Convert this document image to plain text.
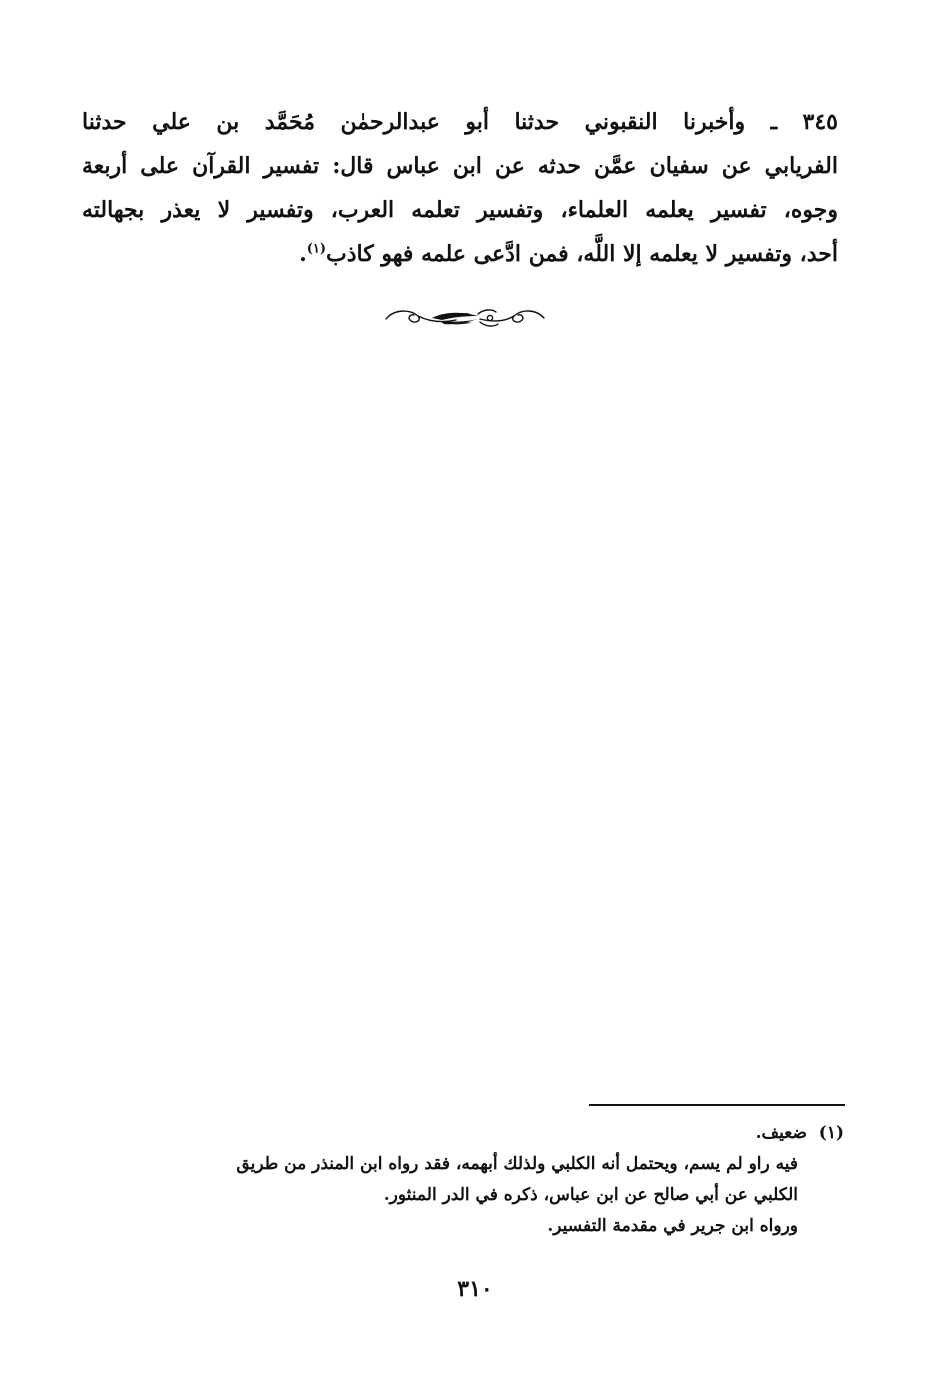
٣٤٥ ـ وأخبرنا النقبوني حدثنا أبو عبدالرحمٰن مُحَمَّد بن علي حدثنا
الفريابي عن سفيان عمَّن حدثه عن ابن عباس قال: تفسير القرآن على أربعة
وجوه، تفسير يعلمه العلماء، وتفسير تعلمه العرب، وتفسير لا يعذر بجهالته
أحد، وتفسير لا يعلمه إلا اللَّه، فمن ادَّعى علمه فهو كاذب$^{(١)}$.
(١)  ضعيف.
فيه راو لم يسم، ويحتمل أنه الكلبي ولذلك أبهمه، فقد رواه ابن المنذر من طريق
الكلبي عن أبي صالح عن ابن عباس، ذكره في الدر المنثور.
ورواه ابن جرير في مقدمة التفسير.
٣١٠
